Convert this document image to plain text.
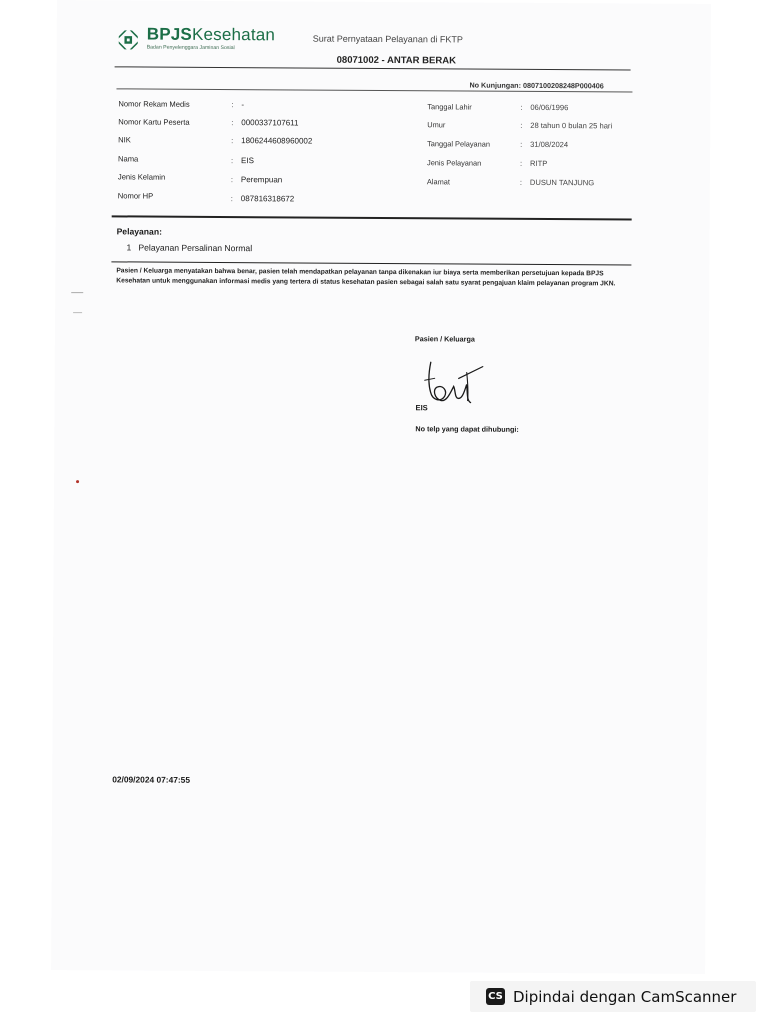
BPJSKesehatan
Badan Penyelenggara Jaminan Sosial
Surat Pernyataan Pelayanan di FKTP
08071002 - ANTAR BERAK
No Kunjungan: 0807100208248P000406
Nomor Rekam Medis	: -
Nomor Kartu Peserta	: 0000337107611
NIK	: 1806244608960002
Nama	: EIS
Jenis Kelamin	: Perempuan
Nomor HP	: 087816318672
Tanggal Lahir	: 06/06/1996
Umur	: 28 tahun 0 bulan 25 hari
Tanggal Pelayanan	: 31/08/2024
Jenis Pelayanan	: RITP
Alamat	: DUSUN TANJUNG
Pelayanan:
1 Pelayanan Persalinan Normal
Pasien / Keluarga menyatakan bahwa benar, pasien telah mendapatkan pelayanan tanpa dikenakan iur biaya serta memberikan persetujuan kepada BPJS Kesehatan untuk menggunakan informasi medis yang tertera di status kesehatan pasien sebagai salah satu syarat pengajuan klaim pelayanan program JKN.
Pasien / Keluarga
EIS
No telp yang dapat dihubungi:
02/09/2024 07:47:55
CS Dipindai dengan CamScanner
